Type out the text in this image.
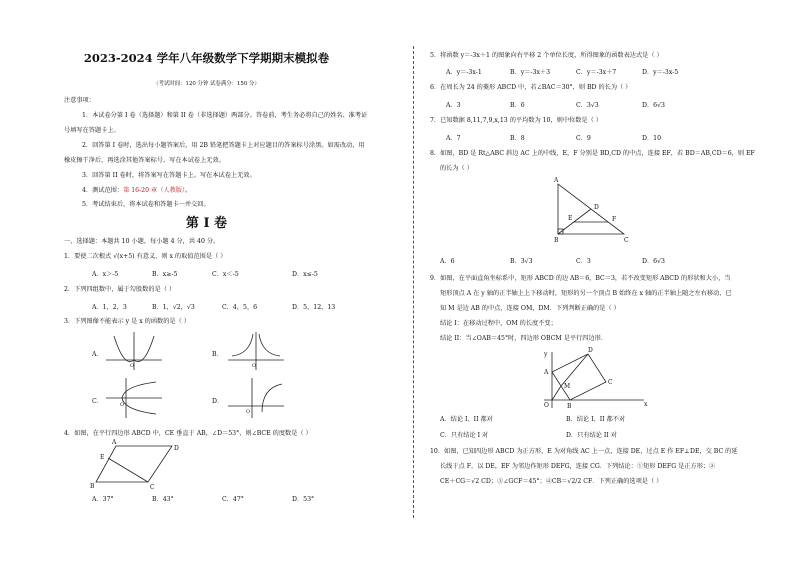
2023-2024 学年八年级数学下学期期末模拟卷
（考试时间：120 分钟 试卷满分：150 分）
注意事项：
1．本试卷分第 I 卷（选择题）和第 II 卷（非选择题）两部分。答卷前，考生务必将自己的姓名、准考证
号填写在答题卡上。
2．回答第 I 卷时，选出每小题答案后，用 2B 铅笔把答题卡上对应题目的答案标号涂黑。如需改动，用
橡皮擦干净后，再选涂其他答案标号。写在本试卷上无效。
3．回答第 II 卷时，将答案写在答题卡上。写在本试卷上无效。
4．测试范围：第 16-20 章（人教版）。
5．考试结束后，将本试卷和答题卡一并交回。
第 I 卷
一、选择题：本题共 10 小题，每小题 4 分，共 40 分。
1．要使二次根式 √(x+5) 有意义，则 x 的取值范围是（ ）
A．x＞-5	B．x≥-5	C．x＜-5	D．x≤-5
2．下列四组数中，属于勾股数的是（ ）
A．1，2，3	B．1，√2，√3	C．4，5，6	D．5，12，13
3．下列图像不能表示 y 是 x 的函数的是（ ）
A．
O
B．
O
C．	O	D．
O
4．如图，在平行四边形 ABCD 中，CE 垂直于 AB，∠D＝53°，则∠BCE 的度数是（ ）
A
D
B	C
E
A．37°	B．43°	C．47°	D．53°
5．将函数 y＝-3x＋1 的图象向右平移 2 个单位长度，所得图象的函数表达式是（ ）
A．y＝-3x-1	B．y＝-3x＋3	C．y＝-3x＋7	D．y＝-3x-5
6．在周长为 24 的菱形 ABCD 中，若∠BAC＝30°，则 BD 的长为（ ）
A．3	B．6	C．3√3	D．6√3
7．已知数据 8,11,7,9,x,13 的平均数为 10，则中位数是（ ）
A．7	B．8	C．9	D．10
8．如图，BD 是 Rt△ABC 斜边 AC 上的中线，E，F 分别是 BD,CD 的中点，连接 EF，若 BD＝AB,CD＝6，则 EF
的长为（ ）
A
D
E	F
B	C
A．6	B．3√3	C．3	D．6√3
9．如图，在平面直角坐标系中，矩形 ABCD 的边 AB＝6，BC＝3，若不改变矩形 ABCD 的形状和大小，当
矩形顶点 A 在 y 轴的正半轴上上下移动时，矩形的另一个顶点 B 始终在 x 轴的正半轴上随之左右移动，已
知 M 是边 AB 的中点，连接 OM，DM．下列判断正确的是（ ）
结论 I：在移动过程中，OM 的长度不变；
结论 II：当∠OAB＝45°时，四边形 OBCM 是平行四边形．
y
x
O
A
B
C
D
M
A．结论 I、II 都对	B．结论 I、II 都不对
C．只有结论 I 对	D．只有结论 II 对
10．如图，已知四边形 ABCD 为正方形，E 为对角线 AC 上一点，连接 DE，过点 E 作 EF⊥DE，交 BC 的延
长线于点 F，以 DE，EF 为邻边作矩形 DEFG，连接 CG．下列结论：①矩形 DEFG 是正方形；②
CE＋CG＝√2 CD；③∠GCF＝45°；④CB＝√2/2 CF．下列正确的选项是（ ）
